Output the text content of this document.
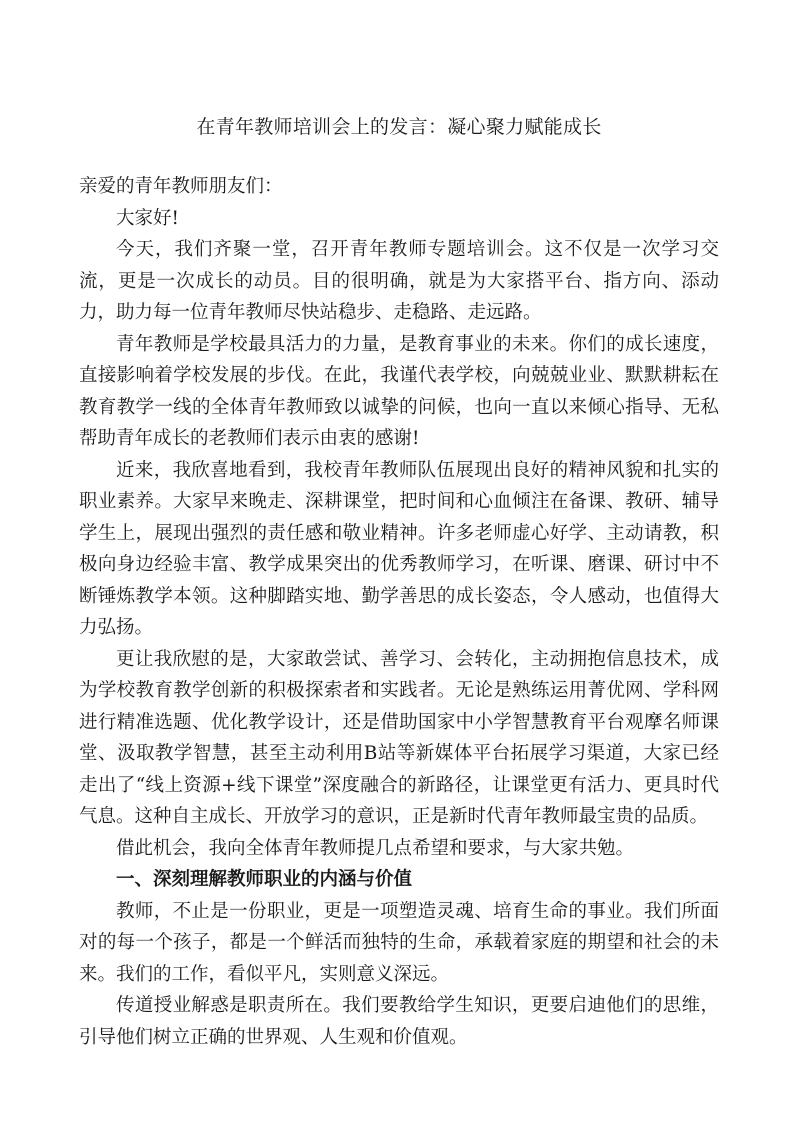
在青年教师培训会上的发言：凝心聚力赋能成长

亲爱的青年教师朋友们：

大家好!

今天，我们齐聚一堂，召开青年教师专题培训会。这不仅是一次学习交流，更是一次成长的动员。目的很明确，就是为大家搭平台、指方向、添动力，助力每一位青年教师尽快站稳步、走稳路、走远路。

青年教师是学校最具活力的力量，是教育事业的未来。你们的成长速度，直接影响着学校发展的步伐。在此，我谨代表学校，向兢兢业业、默默耕耘在教育教学一线的全体青年教师致以诚挚的问候，也向一直以来倾心指导、无私帮助青年成长的老教师们表示由衷的感谢!

近来，我欣喜地看到，我校青年教师队伍展现出良好的精神风貌和扎实的职业素养。大家早来晚走、深耕课堂，把时间和心血倾注在备课、教研、辅导学生上，展现出强烈的责任感和敬业精神。许多老师虚心好学、主动请教，积极向身边经验丰富、教学成果突出的优秀教师学习，在听课、磨课、研讨中不断锤炼教学本领。这种脚踏实地、勤学善思的成长姿态，令人感动，也值得大力弘扬。

更让我欣慰的是，大家敢尝试、善学习、会转化，主动拥抱信息技术，成为学校教育教学创新的积极探索者和实践者。无论是熟练运用菁优网、学科网进行精准选题、优化教学设计，还是借助国家中小学智慧教育平台观摩名师课堂、汲取教学智慧，甚至主动利用B站等新媒体平台拓展学习渠道，大家已经走出了“线上资源+线下课堂”深度融合的新路径，让课堂更有活力、更具时代气息。这种自主成长、开放学习的意识，正是新时代青年教师最宝贵的品质。

借此机会，我向全体青年教师提几点希望和要求，与大家共勉。

一、深刻理解教师职业的内涵与价值

教师，不止是一份职业，更是一项塑造灵魂、培育生命的事业。我们所面对的每一个孩子，都是一个鲜活而独特的生命，承载着家庭的期望和社会的未来。我们的工作，看似平凡，实则意义深远。

传道授业解惑是职责所在。我们要教给学生知识，更要启迪他们的思维，引导他们树立正确的世界观、人生观和价值观。
